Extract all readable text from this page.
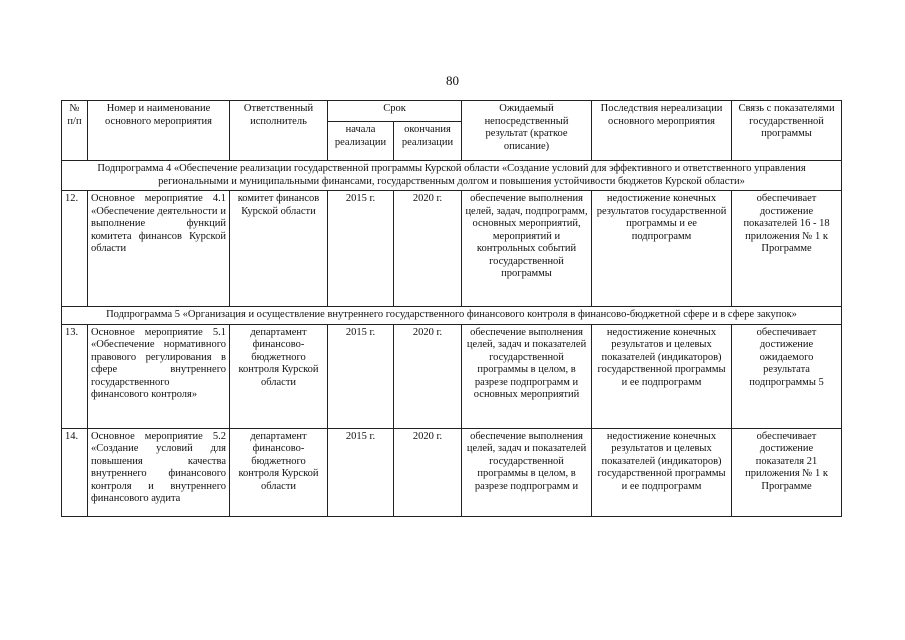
80
№ п/п	Номер и наименование основного мероприятия	Ответственный исполнитель	Срок		Ожидаемый непосредственный результат (краткое описание)	Последствия нереализации основного мероприятия	Связь с показателями государственной программы
			начала реализации	окончания реализации			
Подпрограмма 4 «Обеспечение реализации государственной программы Курской области «Создание условий для эффективного и ответственного управления региональными и муниципальными финансами, государственным долгом и повышения устойчивости бюджетов Курской области»							
12.	Основное мероприятие 4.1 «Обеспечение деятельности и выполнение функций комитета финансов Курской области	комитет финансов Курской области	2015 г.	2020 г.	обеспечение выполнения целей, задач, подпрограмм, основных мероприятий, мероприятий и контрольных событий государственной программы	недостижение конечных результатов государственной программы и ее подпрограмм	обеспечивает достижение показателей 16 - 18 приложения № 1 к Программе
Подпрограмма 5 «Организация и осуществление внутреннего государственного финансового контроля в финансово-бюджетной сфере и в сфере закупок»							
13.	Основное мероприятие 5.1 «Обеспечение нормативного правового регулирования в сфере внутреннего государственного финансового контроля»	департамент финансово-бюджетного контроля Курской области	2015 г.	2020 г.	обеспечение выполнения целей, задач и показателей государственной программы в целом, в разрезе подпрограмм и основных мероприятий	недостижение конечных результатов и целевых показателей (индикаторов) государственной программы и ее подпрограмм	обеспечивает достижение ожидаемого результата подпрограммы 5
14.	Основное мероприятие 5.2 «Создание условий для повышения качества внутреннего финансового контроля и внутреннего финансового аудита	департамент финансово-бюджетного контроля Курской области	2015 г.	2020 г.	обеспечение выполнения целей, задач и показателей государственной программы в целом, в разрезе подпрограмм и	недостижение конечных результатов и целевых показателей (индикаторов) государственной программы и ее подпрограмм	обеспечивает достижение показателя 21 приложения № 1 к Программе
